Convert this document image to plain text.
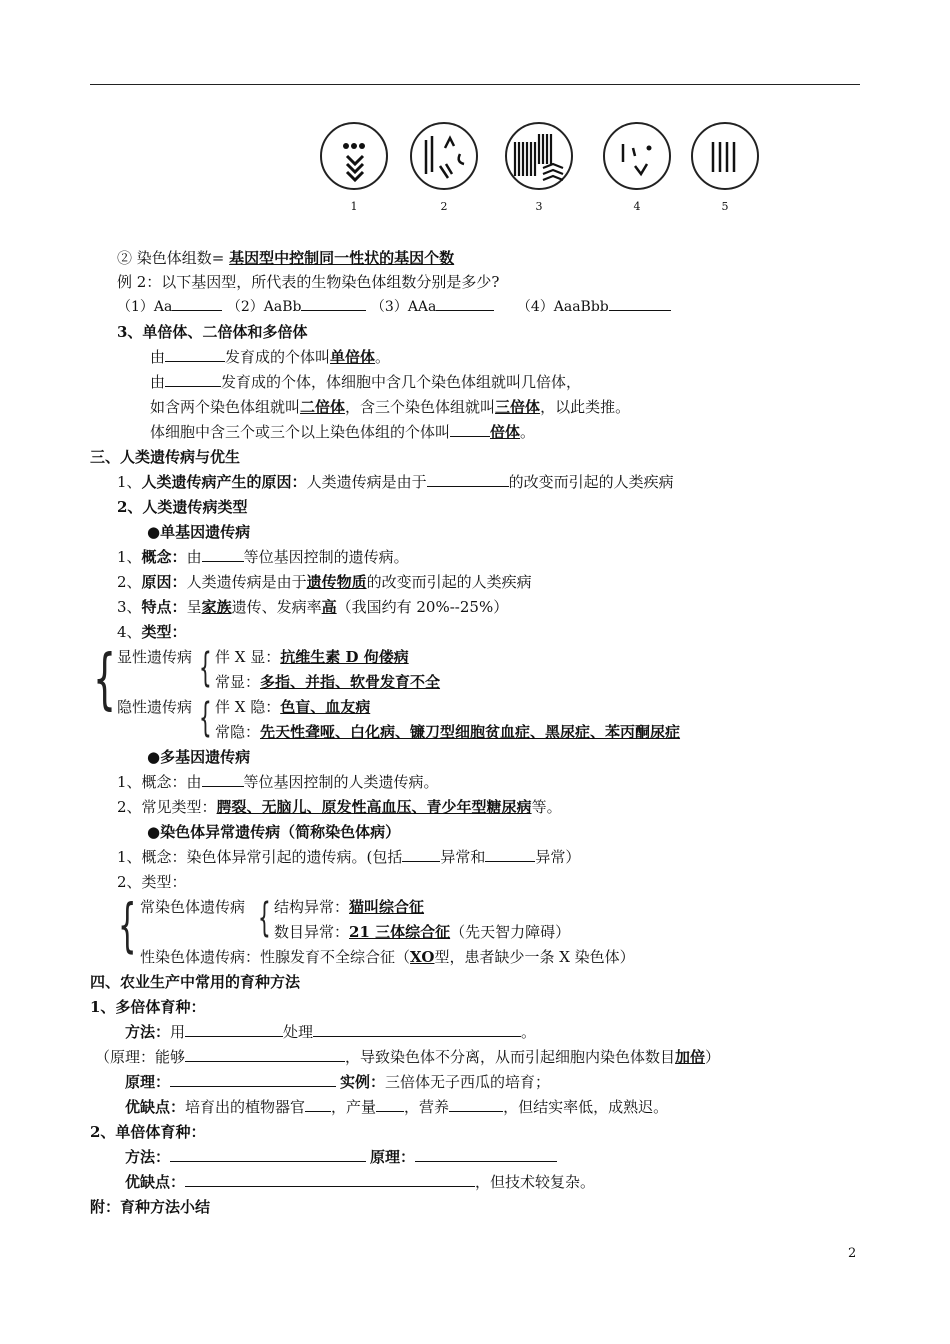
1	2	3	4	5
② 染色体组数= 基因型中控制同一性状的基因个数
例 2：以下基因型，所代表的生物染色体组数分别是多少?
（1）Aa	（2）AaBb	（3）AAa	（4）AaaBbb
3、单倍体、二倍体和多倍体
由	发育成的个体叫单倍体。
由	发育成的个体，体细胞中含几个染色体组就叫几倍体，
如含两个染色体组就叫二倍体，含三个染色体组就叫三倍体，以此类推。
体细胞中含三个或三个以上染色体组的个体叫	倍体。
三、人类遗传病与优生
1、人类遗传病产生的原因：人类遗传病是由于	的改变而引起的人类疾病
2、人类遗传病类型
●单基因遗传病
1、概念：由	等位基因控制的遗传病。
2、原因：人类遗传病是由于遗传物质的改变而引起的人类疾病
3、特点：呈家族遗传、发病率高（我国约有 20%--25%）
4、类型：
{ 显性遗传病 { 伴 X 显：抗维生素 D 佝偻病
常显：多指、并指、软骨发育不全
隐性遗传病 { 伴 X 隐：色盲、血友病
常隐：先天性聋哑、白化病、镰刀型细胞贫血症、黑尿症、苯丙酮尿症
●多基因遗传病
1、概念：由	等位基因控制的人类遗传病。
2、常见类型：腭裂、无脑儿、原发性高血压、青少年型糖尿病等。
●染色体异常遗传病（简称染色体病）
1、概念：染色体异常引起的遗传病。(包括	异常和	异常）
2、类型：
{ 常染色体遗传病 { 结构异常：猫叫综合征
数目异常：21 三体综合征（先天智力障碍）
性染色体遗传病：性腺发育不全综合征（XO型，患者缺少一条 X 染色体）
四、农业生产中常用的育种方法
1、多倍体育种：
方法：用	处理	。
（原理：能够	，导致染色体不分离，从而引起细胞内染色体数目加倍）
原理：	实例：三倍体无子西瓜的培育；
优缺点：培育出的植物器官 ，产量 ，营养	，但结实率低，成熟迟。
2、单倍体育种：
方法：	原理：
优缺点：	，但技术较复杂。
附：育种方法小结
2
